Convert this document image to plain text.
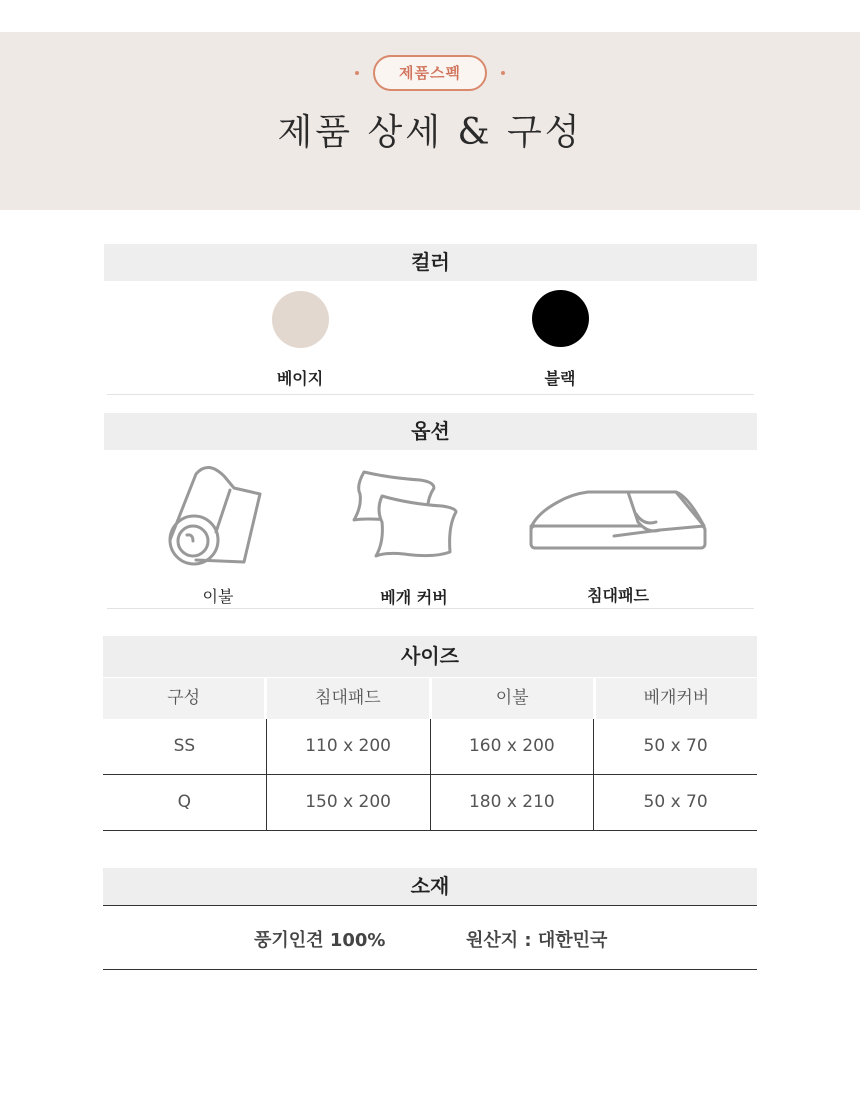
제품스펙
제품 상세 & 구성
컬러
베이지	블랙
옵션
이불	베개 커버	침대패드
사이즈
구성	침대패드	이불	베개커버
SS	110 x 200	160 x 200	50 x 70
Q	150 x 200	180 x 210	50 x 70
소재
풍기인견 100%	원산지 : 대한민국
